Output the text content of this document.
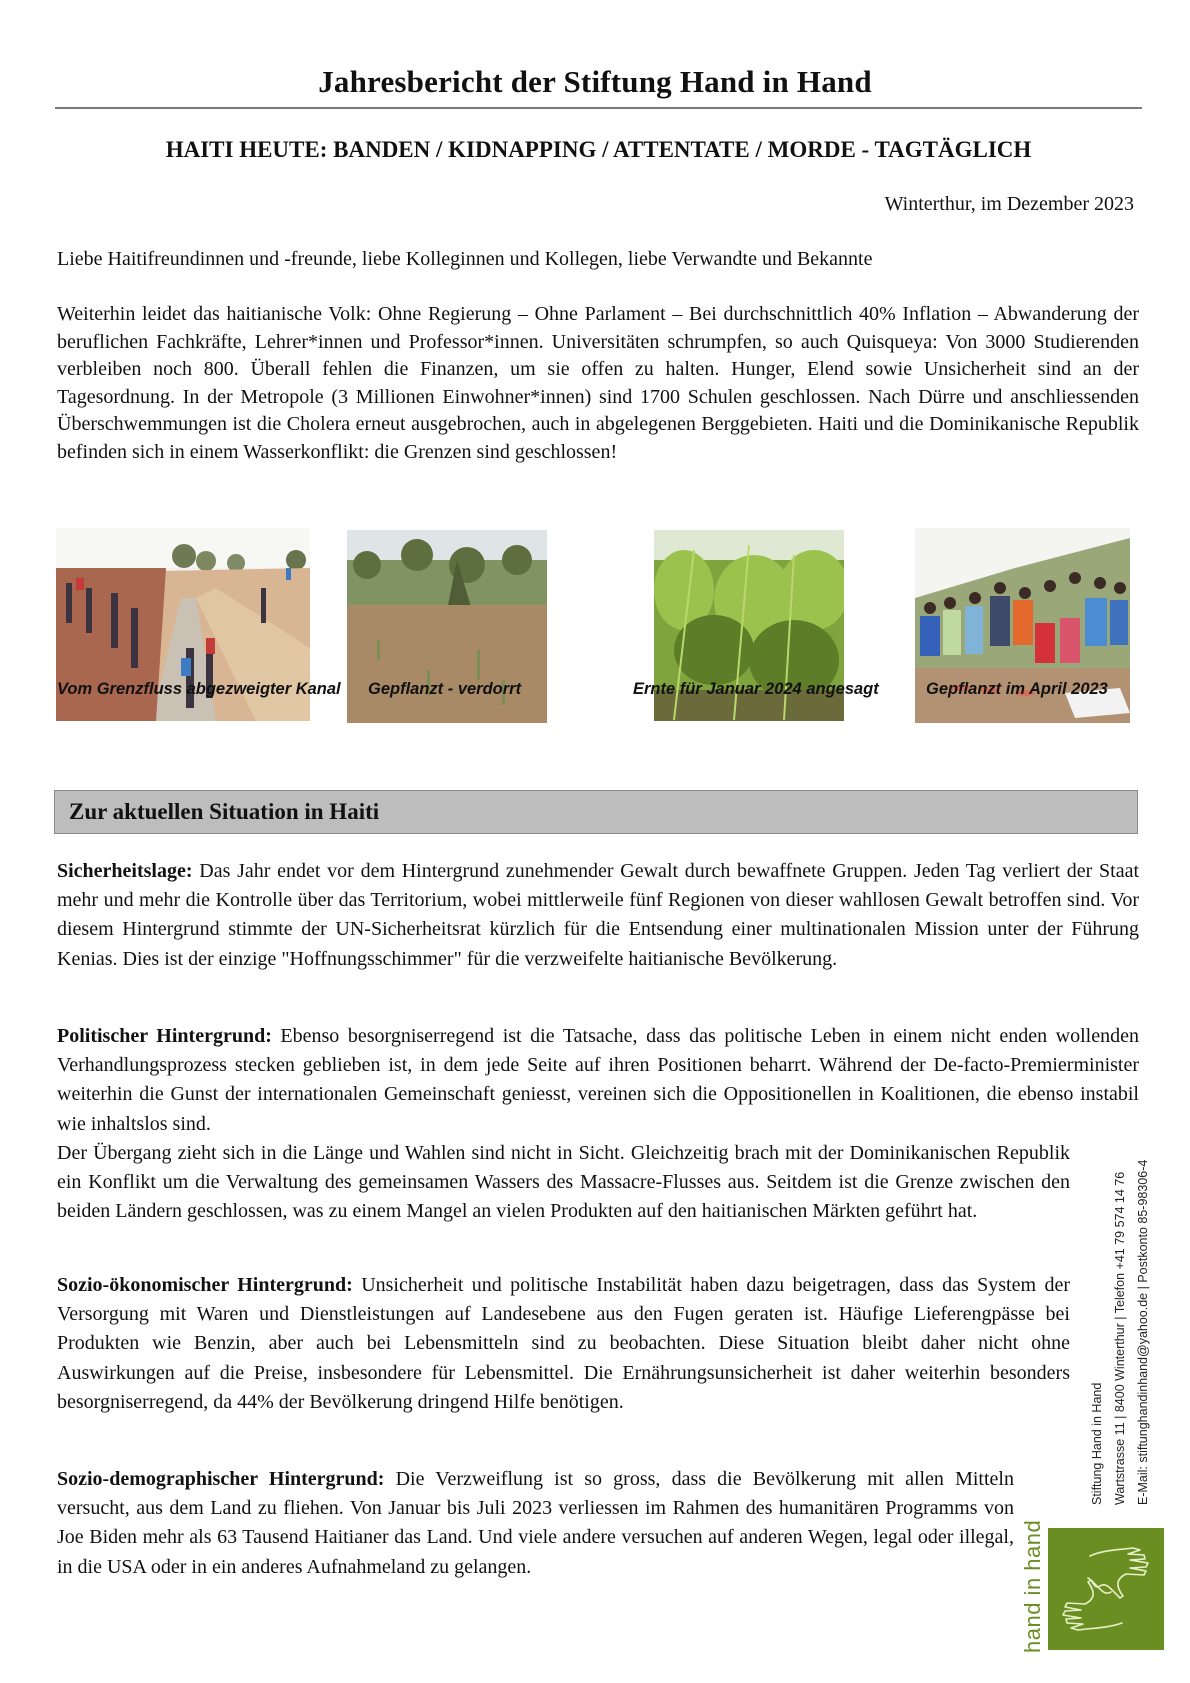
Jahresbericht der Stiftung Hand in Hand
HAITI HEUTE: BANDEN / KIDNAPPING / ATTENTATE / MORDE - TAGTÄGLICH
Winterthur, im Dezember 2023
Liebe Haitifreundinnen und -freunde, liebe Kolleginnen und Kollegen, liebe Verwandte und Bekannte

Weiterhin leidet das haitianische Volk: Ohne Regierung – Ohne Parlament – Bei durchschnittlich 40% Inflation – Abwanderung der beruflichen Fachkräfte, Lehrer*innen und Professor*innen. Universitäten schrumpfen, so auch Quisqueya: Von 3000 Studierenden verbleiben noch 800. Überall fehlen die Finanzen, um sie offen zu halten. Hunger, Elend sowie Unsicherheit sind an der Tagesordnung. In der Metropole (3 Millionen Einwohner*innen) sind 1700 Schulen geschlossen. Nach Dürre und anschliessenden Überschwemmungen ist die Cholera erneut ausgebrochen, auch in abgelegenen Berggebieten. Haiti und die Dominikanische Republik befinden sich in einem Wasserkonflikt: die Grenzen sind geschlossen!

Vom Grenzfluss abgezweigter Kanal Gepflanzt - verdorrt	Ernte für Januar 2024 angesagt	Gepflanzt im April 2023
Zur aktuellen Situation in Haiti

Sicherheitslage: Das Jahr endet vor dem Hintergrund zunehmender Gewalt durch bewaffnete Gruppen. Jeden Tag verliert der Staat mehr und mehr die Kontrolle über das Territorium, wobei mittlerweile fünf Regionen von dieser wahllosen Gewalt betroffen sind. Vor diesem Hintergrund stimmte der UN-Sicherheitsrat kürzlich für die Entsendung einer multinationalen Mission unter der Führung Kenias. Dies ist der einzige "Hoffnungsschimmer" für die verzweifelte haitianische Bevölkerung.

Politischer Hintergrund: Ebenso besorgniserregend ist die Tatsache, dass das politische Leben in einem nicht enden wollenden Verhandlungsprozess stecken geblieben ist, in dem jede Seite auf ihren Positionen beharrt. Während der De-facto-Premierminister weiterhin die Gunst der internationalen Gemeinschaft geniesst, vereinen sich die Oppositionellen in Koalitionen, die ebenso instabil wie inhaltslos sind.

Der Übergang zieht sich in die Länge und Wahlen sind nicht in Sicht. Gleichzeitig brach mit der Dominikanischen Republik ein Konflikt um die Verwaltung des gemeinsamen Wassers des Massacre-Flusses aus. Seitdem ist die Grenze zwischen den beiden Ländern geschlossen, was zu einem Mangel an vielen Produkten auf den haitianischen Märkten geführt hat.

Sozio-ökonomischer Hintergrund: Unsicherheit und politische Instabilität haben dazu beigetragen, dass das System der Versorgung mit Waren und Dienstleistungen auf Landesebene aus den Fugen geraten ist. Häufige Lieferengpässe bei Produkten wie Benzin, aber auch bei Lebensmitteln sind zu beobachten. Diese Situation bleibt daher nicht ohne Auswirkungen auf die Preise, insbesondere für Lebensmittel. Die Ernährungsunsicherheit ist daher weiterhin besonders besorgniserregend, da 44% der Bevölkerung dringend Hilfe benötigen.

Sozio-demographischer Hintergrund: Die Verzweiflung ist so gross, dass die Bevölkerung mit allen Mitteln versucht, aus dem Land zu fliehen. Von Januar bis Juli 2023 verliessen im Rahmen des humanitären Programms von Joe Biden mehr als 63 Tausend Haitianer das Land. Und viele andere versuchen auf anderen Wegen, legal oder illegal, in die USA oder in ein anderes Aufnahmeland zu gelangen.

Stiftung Hand in Hand Wartstrasse 11 | 8400 Winterthur | Telefon +41 79 574 14 76 E-Mail: stiftunghandinhand@yahoo.de | Postkonto 85-98306-4
hand in hand
